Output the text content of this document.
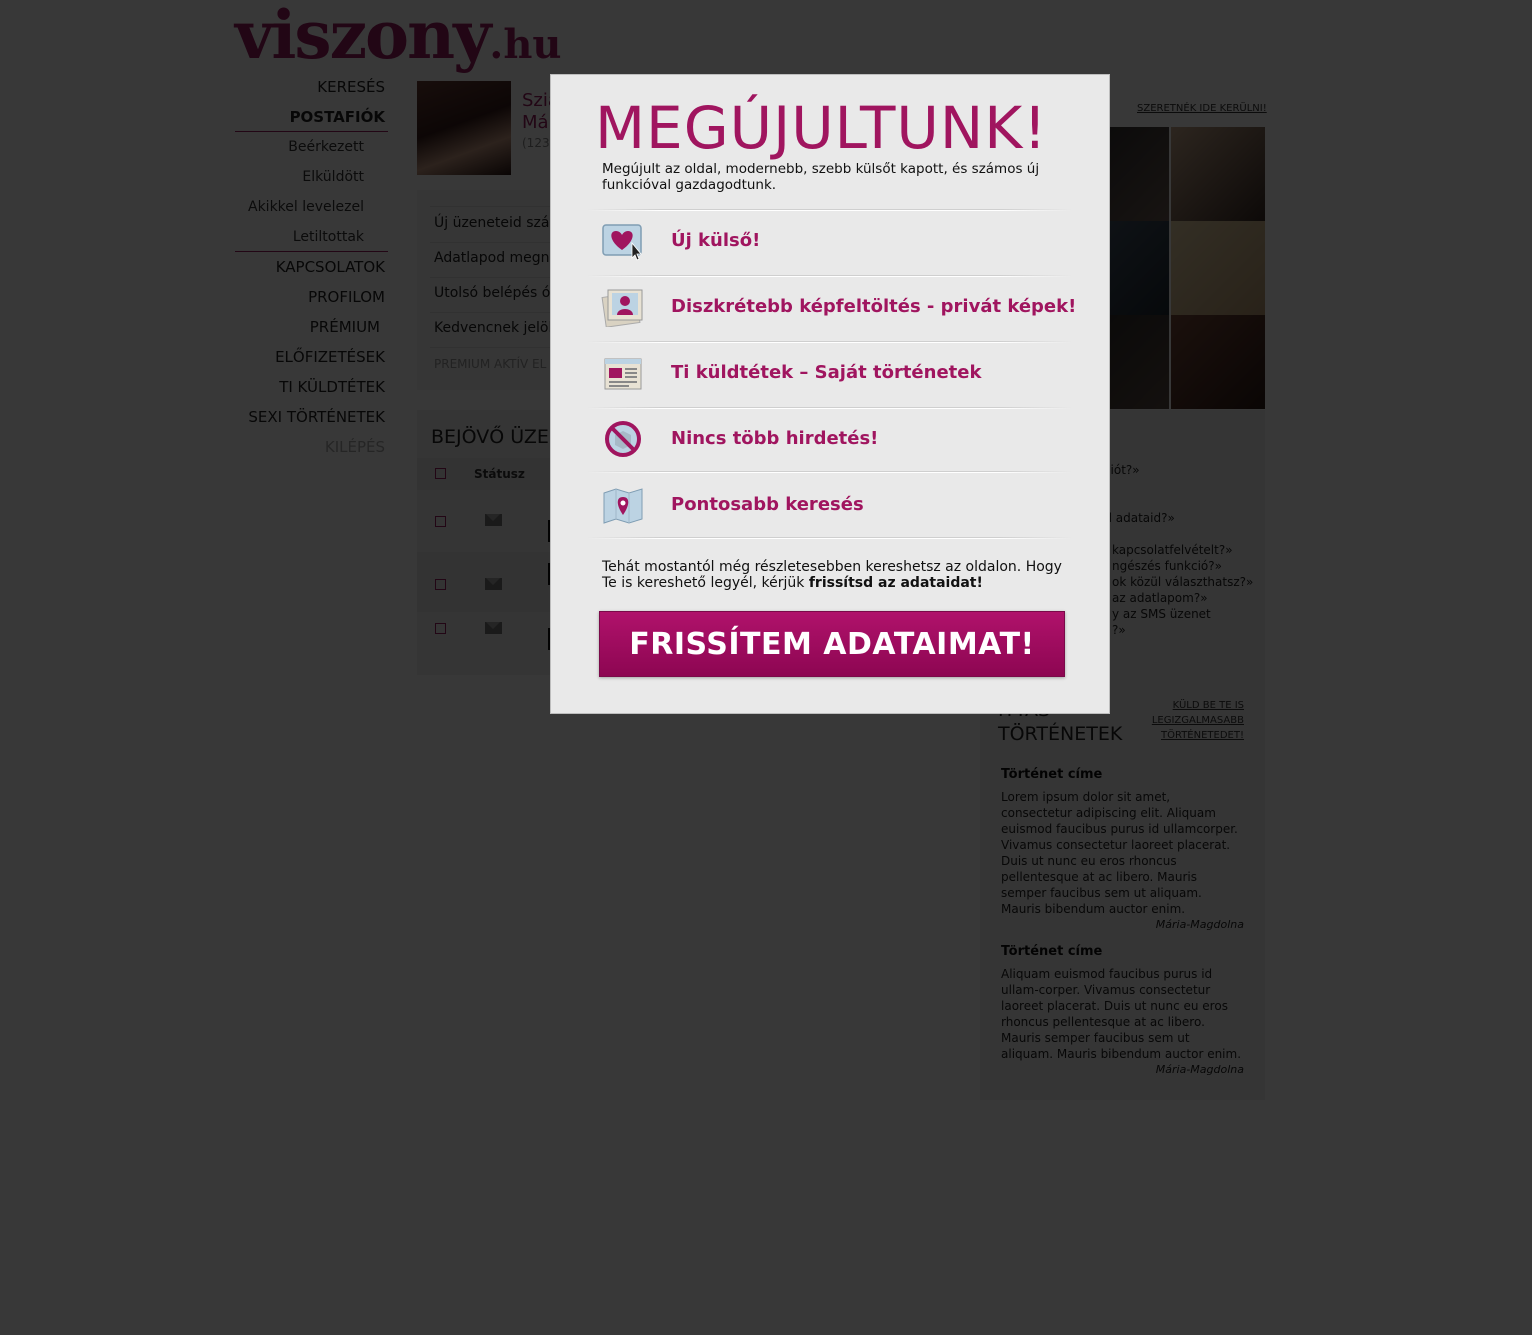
MEGÚJULTUNK!
Megújult az oldal, modernebb, szebb külsőt kapott, és számos új funkcióval gazdagodtunk.
Új külső!
Diszkrétebb képfeltöltés - privát képek!
Ti küldtétek – Saját történetek
Nincs több hirdetés!
Pontosabb keresés
Tehát mostantól még részletesebben kereshetsz az oldalon. Hogy Te is kereshető legyél, kérjük frissítsd az adataidat!
FRISSÍTEM ADATAIMAT!
